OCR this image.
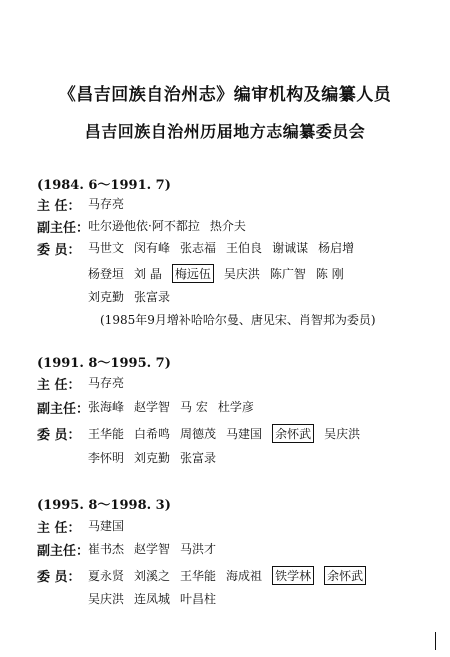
《昌吉回族自治州志》编审机构及编纂人员
昌吉回族自治州历届地方志编纂委员会
(1984. 6～1991. 7)
主 任： 马存亮
副主任：
吐尔逊他依·阿不都拉 热介夫
委 员： 马世文 闵有峰 张志福 王伯良 谢诚谋 杨启增
杨登垣 刘 晶 梅远伍 吴庆洪 陈广智 陈 刚
刘克勤 张富录
(1985年9月增补哈哈尔曼、唐见宋、肖智邦为委员)
(1991. 8～1995. 7)
主 任： 马存亮
副主任：
张海峰 赵学智 马 宏 杜学彦
委 员： 王华能 白希鸣 周德茂 马建国 余怀武 吴庆洪
李怀明 刘克勤 张富录
(1995. 8～1998. 3)
主 任： 马建国
副主任：
崔书杰 赵学智 马洪才
委 员： 夏永贤 刘溪之 王华能 海成祖 铁学林 余怀武
吴庆洪 连凤城 叶昌柱
